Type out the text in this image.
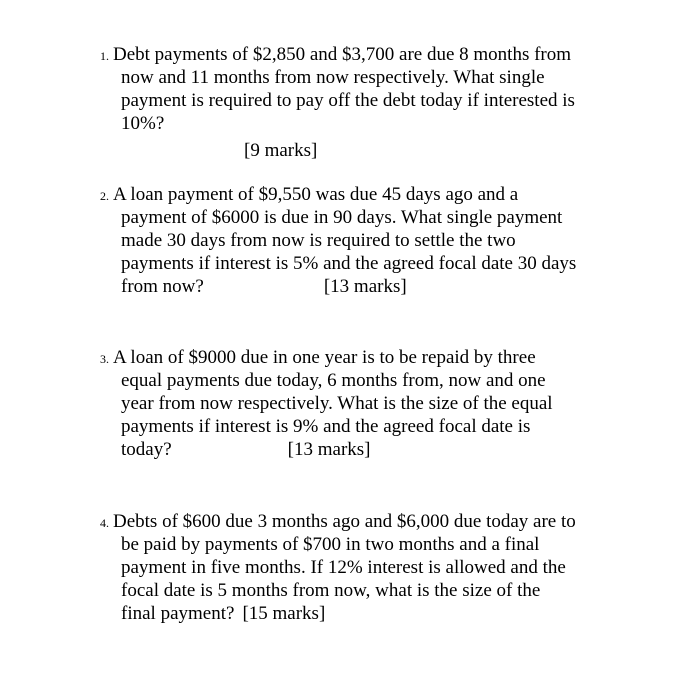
1. Debt payments of $2,850 and $3,700 are due 8 months from
now and 11 months from now respectively. What single
payment is required to pay off the debt today if interested is
10%?
[9 marks]
2. A loan payment of $9,550 was due 45 days ago and a
payment of $6000 is due in 90 days. What single payment
made 30 days from now is required to settle the two
payments if interest is 5% and the agreed focal date 30 days
from now?	[13 marks]
3. A loan of $9000 due in one year is to be repaid by three
equal payments due today, 6 months from, now and one
year from now respectively. What is the size of the equal
payments if interest is 9% and the agreed focal date is
today?	[13 marks]
4. Debts of $600 due 3 months ago and $6,000 due today are to
be paid by payments of $700 in two months and a final
payment in five months. If 12% interest is allowed and the
focal date is 5 months from now, what is the size of the
final payment? [15 marks]
